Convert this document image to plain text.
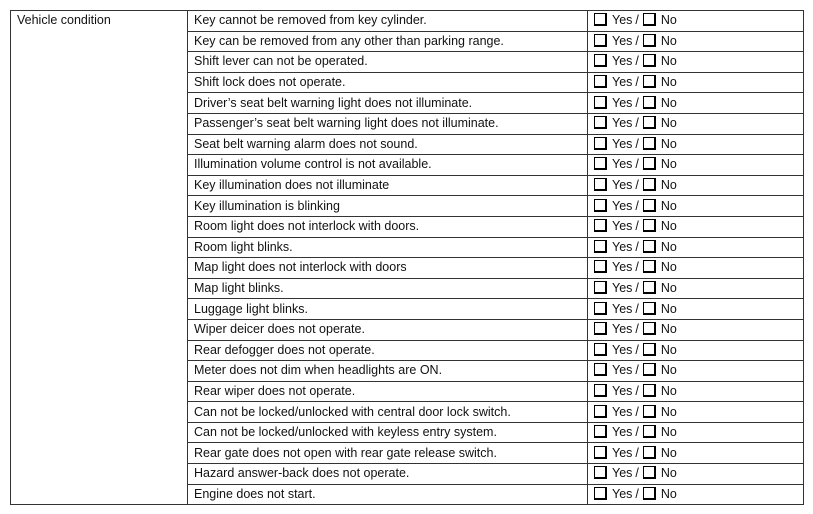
Vehicle condition	Key cannot be removed from key cylinder.	Yes / No
	Key can be removed from any other than parking range.	Yes / No
	Shift lever can not be operated.	Yes / No
	Shift lock does not operate.	Yes / No
	Driver’s seat belt warning light does not illuminate.	Yes / No
	Passenger’s seat belt warning light does not illuminate.	Yes / No
	Seat belt warning alarm does not sound.	Yes / No
	Illumination volume control is not available.	Yes / No
	Key illumination does not illuminate	Yes / No
	Key illumination is blinking	Yes / No
	Room light does not interlock with doors.	Yes / No
	Room light blinks.	Yes / No
	Map light does not interlock with doors	Yes / No
	Map light blinks.	Yes / No
	Luggage light blinks.	Yes / No
	Wiper deicer does not operate.	Yes / No
	Rear defogger does not operate.	Yes / No
	Meter does not dim when headlights are ON.	Yes / No
	Rear wiper does not operate.	Yes / No
	Can not be locked/unlocked with central door lock switch.	Yes / No
	Can not be locked/unlocked with keyless entry system.	Yes / No
	Rear gate does not open with rear gate release switch.	Yes / No
	Hazard answer-back does not operate.	Yes / No
	Engine does not start.	Yes / No
